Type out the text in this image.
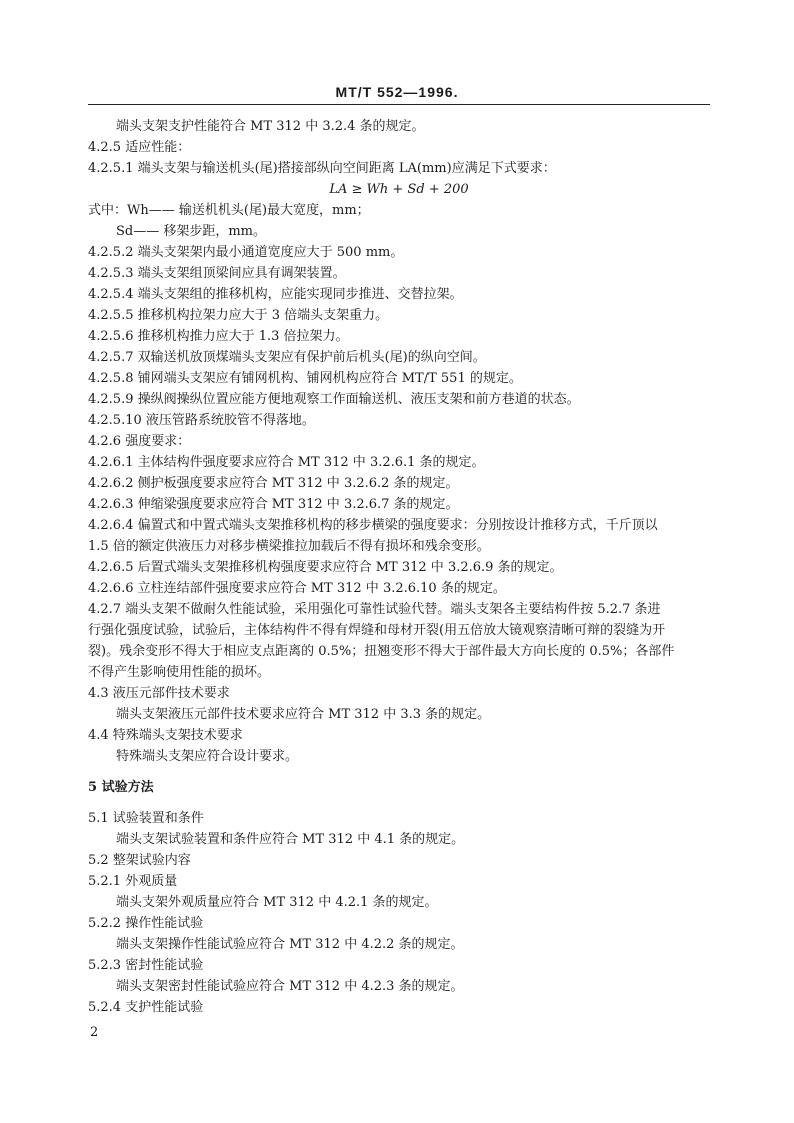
MT/T 552—1996.
端头支架支护性能符合 MT 312 中 3.2.4 条的规定。
4.2.5 适应性能：
4.2.5.1 端头支架与输送机头(尾)搭接部纵向空间距离 LA(mm)应满足下式要求：
LA ≥ Wh + Sd + 200
式中：Wh—— 输送机机头(尾)最大宽度，mm；
Sd—— 移架步距，mm。
4.2.5.2 端头支架架内最小通道宽度应大于 500 mm。
4.2.5.3 端头支架组顶梁间应具有调架装置。
4.2.5.4 端头支架组的推移机构，应能实现同步推进、交替拉架。
4.2.5.5 推移机构拉架力应大于 3 倍端头支架重力。
4.2.5.6 推移机构推力应大于 1.3 倍拉架力。
4.2.5.7 双输送机放顶煤端头支架应有保护前后机头(尾)的纵向空间。
4.2.5.8 铺网端头支架应有铺网机构、铺网机构应符合 MT/T 551 的规定。
4.2.5.9 操纵阀操纵位置应能方便地观察工作面输送机、液压支架和前方巷道的状态。
4.2.5.10 液压管路系统胶管不得落地。
4.2.6 强度要求：
4.2.6.1 主体结构件强度要求应符合 MT 312 中 3.2.6.1 条的规定。
4.2.6.2 侧护板强度要求应符合 MT 312 中 3.2.6.2 条的规定。
4.2.6.3 伸缩梁强度要求应符合 MT 312 中 3.2.6.7 条的规定。
4.2.6.4 偏置式和中置式端头支架推移机构的移步横梁的强度要求：分别按设计推移方式，千斤顶以
1.5 倍的额定供液压力对移步横梁推拉加载后不得有损坏和残余变形。
4.2.6.5 后置式端头支架推移机构强度要求应符合 MT 312 中 3.2.6.9 条的规定。
4.2.6.6 立柱连结部件强度要求应符合 MT 312 中 3.2.6.10 条的规定。
4.2.7 端头支架不做耐久性能试验，采用强化可靠性试验代替。端头支架各主要结构件按 5.2.7 条进
行强化强度试验，试验后，主体结构件不得有焊缝和母材开裂(用五倍放大镜观察清晰可辩的裂缝为开
裂)。残余变形不得大于相应支点距离的 0.5%；扭翘变形不得大于部件最大方向长度的 0.5%；各部件
不得产生影响使用性能的损坏。
4.3 液压元部件技术要求
端头支架液压元部件技术要求应符合 MT 312 中 3.3 条的规定。
4.4 特殊端头支架技术要求
特殊端头支架应符合设计要求。
5 试验方法
5.1 试验装置和条件
端头支架试验装置和条件应符合 MT 312 中 4.1 条的规定。
5.2 整架试验内容
5.2.1 外观质量
端头支架外观质量应符合 MT 312 中 4.2.1 条的规定。
5.2.2 操作性能试验
端头支架操作性能试验应符合 MT 312 中 4.2.2 条的规定。
5.2.3 密封性能试验
端头支架密封性能试验应符合 MT 312 中 4.2.3 条的规定。
5.2.4 支护性能试验
2
